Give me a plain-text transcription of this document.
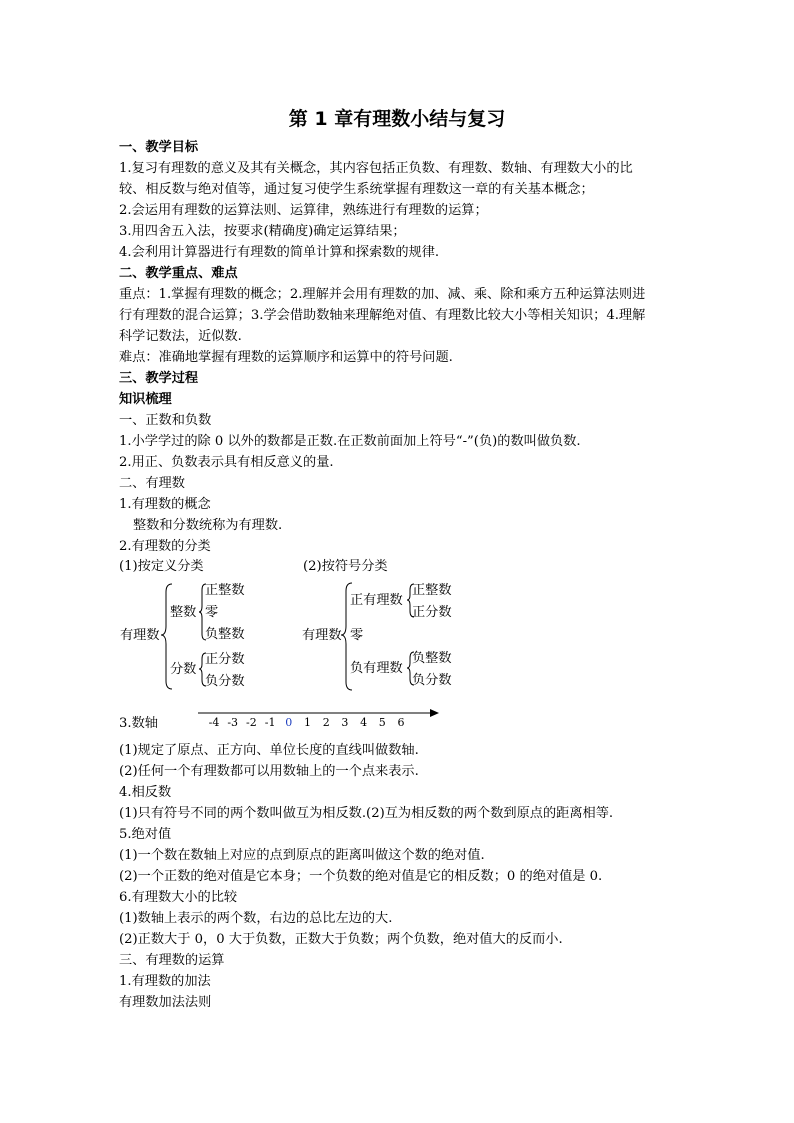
第 1 章有理数小结与复习
一、教学目标
1.复习有理数的意义及其有关概念，其内容包括正负数、有理数、数轴、有理数大小的比
较、相反数与绝对值等，通过复习使学生系统掌握有理数这一章的有关基本概念；
2.会运用有理数的运算法则、运算律，熟练进行有理数的运算；
3.用四舍五入法，按要求(精确度)确定运算结果；
4.会利用计算器进行有理数的简单计算和探索数的规律.
二、教学重点、难点
重点：1.掌握有理数的概念；2.理解并会用有理数的加、减、乘、除和乘方五种运算法则进
行有理数的混合运算；3.学会借助数轴来理解绝对值、有理数比较大小等相关知识；4.理解
科学记数法，近似数.
难点：准确地掌握有理数的运算顺序和运算中的符号问题.
三、教学过程
知识梳理
一、正数和负数
1.小学学过的除 0 以外的数都是正数.在正数前面加上符号“-”(负)的数叫做负数.
2.用正、负数表示具有相反意义的量.
二、有理数
1.有理数的概念
整数和分数统称为有理数.
2.有理数的分类
(1)按定义分类	(2)按符号分类
有理数
整数
正整数
零
负整数
分数
正分数
负分数
有理数
正有理数
正整数
正分数
零
负有理数
负整数
负分数
3.数轴	-4 -3 -2 -1 0 1 2 3 4 5 6
(1)规定了原点、正方向、单位长度的直线叫做数轴.
(2)任何一个有理数都可以用数轴上的一个点来表示.
4.相反数
(1)只有符号不同的两个数叫做互为相反数.(2)互为相反数的两个数到原点的距离相等.
5.绝对值
(1)一个数在数轴上对应的点到原点的距离叫做这个数的绝对值.
(2)一个正数的绝对值是它本身；一个负数的绝对值是它的相反数；0 的绝对值是 0.
6.有理数大小的比较
(1)数轴上表示的两个数，右边的总比左边的大.
(2)正数大于 0，0 大于负数，正数大于负数；两个负数，绝对值大的反而小.
三、有理数的运算
1.有理数的加法
有理数加法法则
